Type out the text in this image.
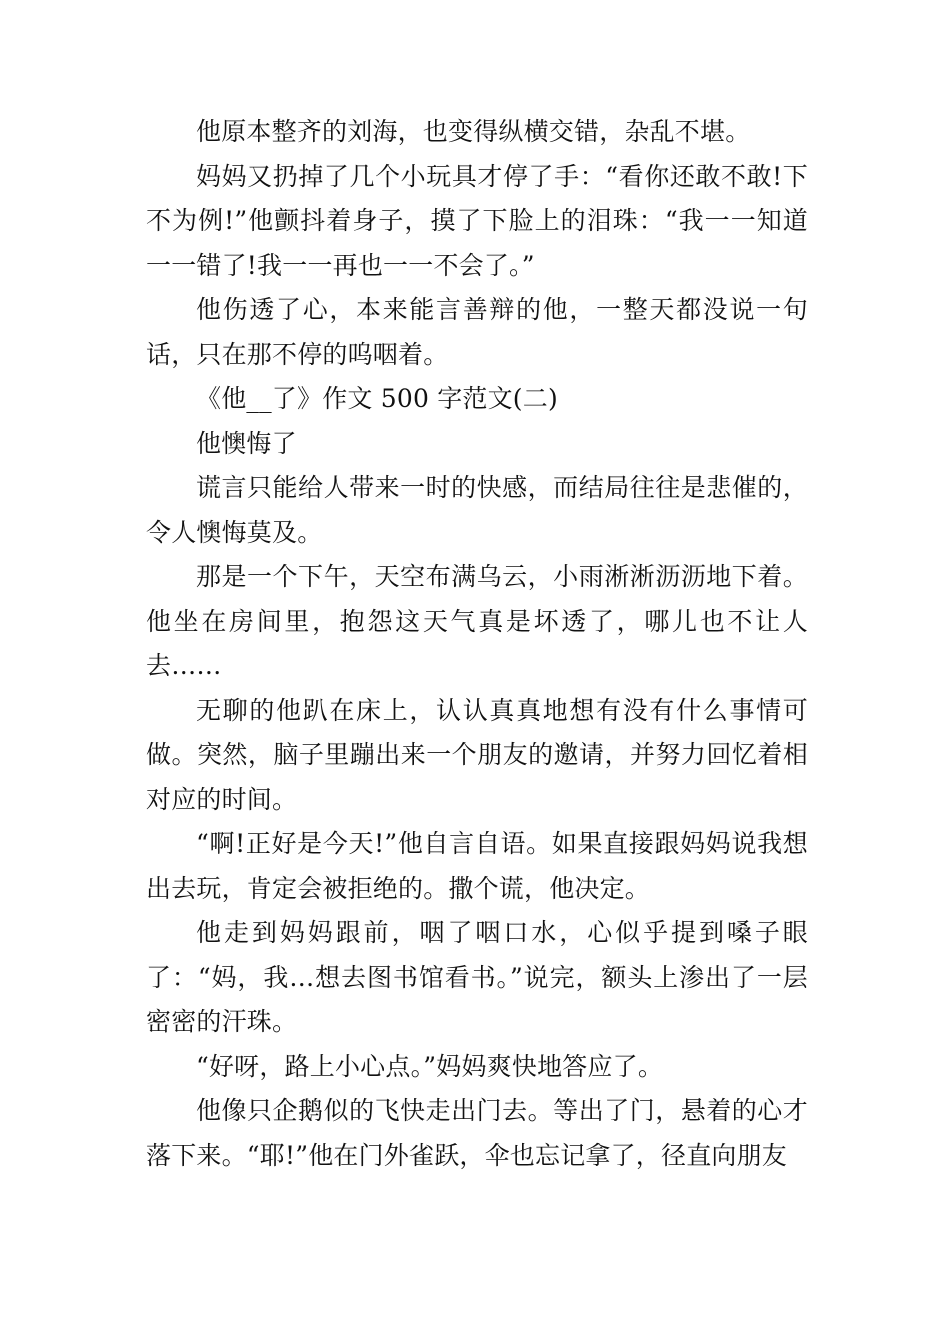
他原本整齐的刘海，也变得纵横交错，杂乱不堪。

妈妈又扔掉了几个小玩具才停了手：“看你还敢不敢!下不为例!”他颤抖着身子，摸了下脸上的泪珠：“我一一知道一一错了!我一一再也一一不会了。”

他伤透了心，本来能言善辩的他，一整天都没说一句话，只在那不停的呜咽着。

《他__了》作文 500 字范文(二)

他懊悔了

谎言只能给人带来一时的快感，而结局往往是悲催的，令人懊悔莫及。

那是一个下午，天空布满乌云，小雨淅淅沥沥地下着。他坐在房间里，抱怨这天气真是坏透了，哪儿也不让人去……

无聊的他趴在床上，认认真真地想有没有什么事情可做。突然，脑子里蹦出来一个朋友的邀请，并努力回忆着相对应的时间。

“啊!正好是今天!”他自言自语。如果直接跟妈妈说我想出去玩，肯定会被拒绝的。撒个谎，他决定。

他走到妈妈跟前，咽了咽口水，心似乎提到嗓子眼了：“妈，我…想去图书馆看书。”说完，额头上渗出了一层密密的汗珠。

“好呀，路上小心点。”妈妈爽快地答应了。

他像只企鹅似的飞快走出门去。等出了门，悬着的心才落下来。“耶!”他在门外雀跃，伞也忘记拿了，径直向朋友
